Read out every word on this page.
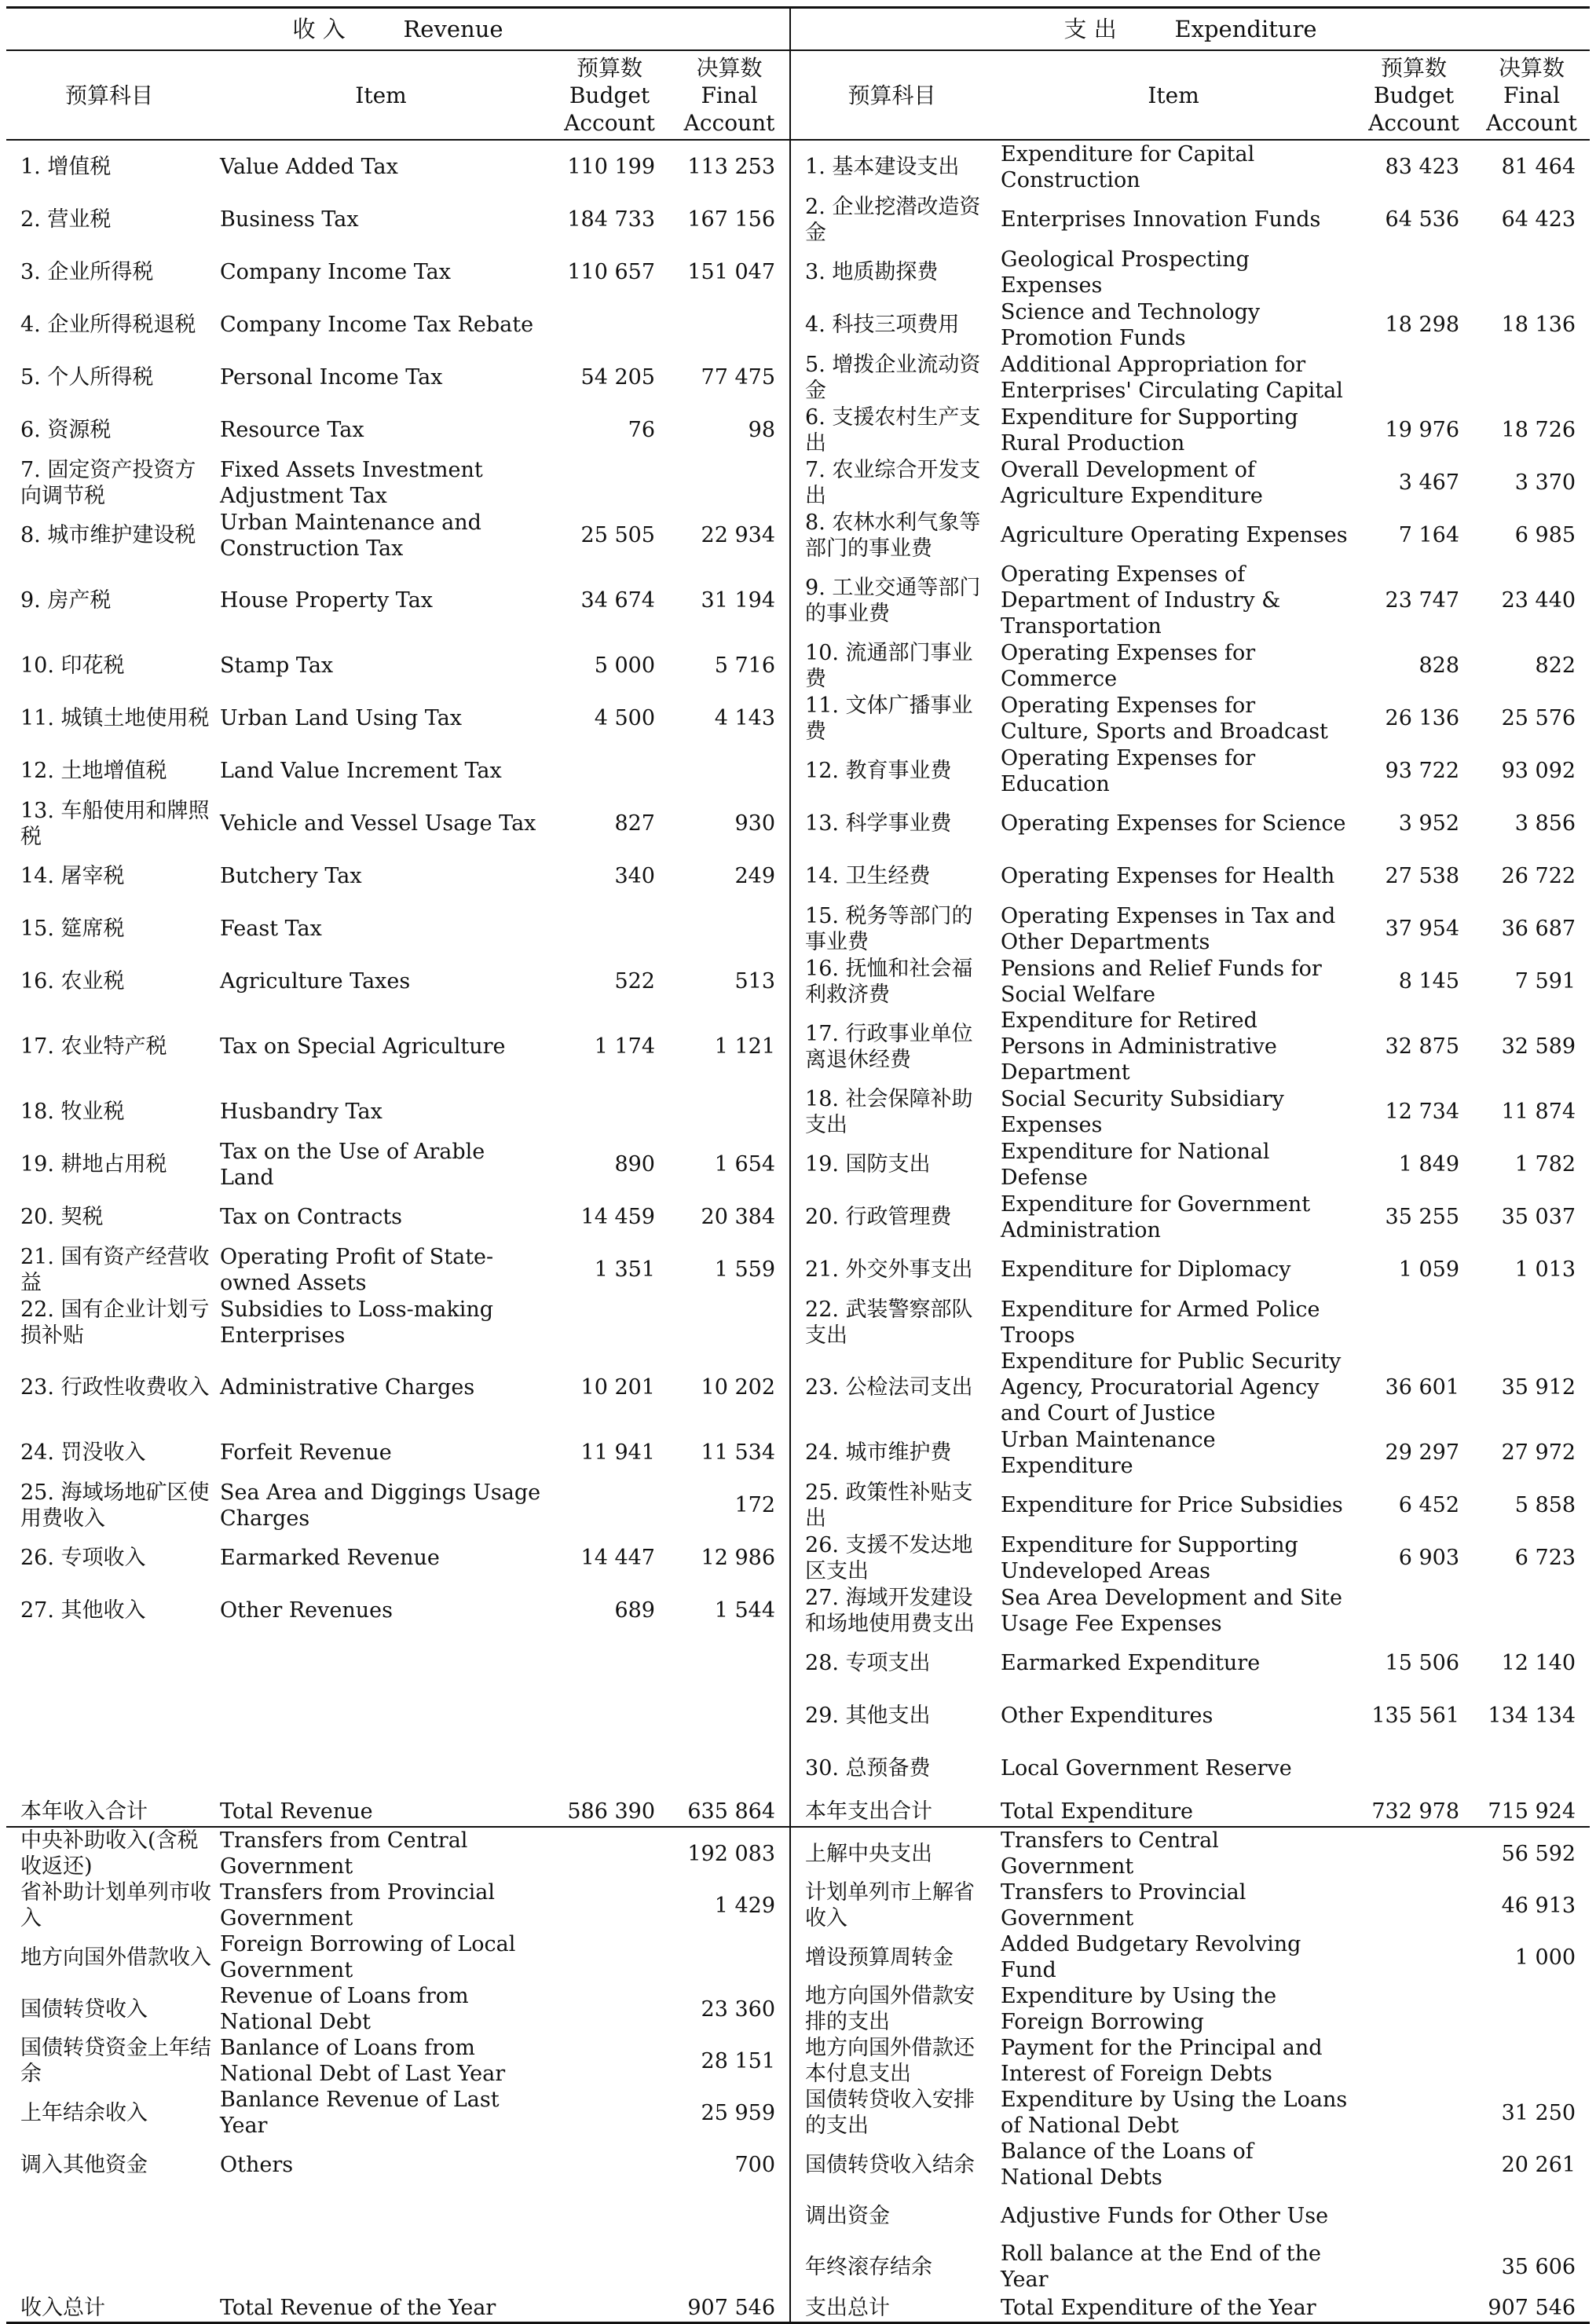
收 入 Revenue				支 出 Expenditure			
预算科目	Item	预算数 Budget Account	决算数 Final Account	预算科目	Item	预算数 Budget Account	决算数 Final Account
1. 增值税	Value Added Tax	110 199	113 253	1. 基本建设支出	Expenditure for Capital Construction	83 423	81 464
2. 营业税	Business Tax	184 733	167 156	2. 企业挖潜改造资金	Enterprises Innovation Funds	64 536	64 423
3. 企业所得税	Company Income Tax	110 657	151 047	3. 地质勘探费	Geological Prospecting Expenses		
4. 企业所得税退税	Company Income Tax Rebate			4. 科技三项费用	Science and Technology Promotion Funds	18 298	18 136
5. 个人所得税	Personal Income Tax	54 205	77 475	5. 增拨企业流动资金	Additional Appropriation for Enterprises' Circulating Capital		
6. 资源税	Resource Tax	76	98	6. 支援农村生产支出	Expenditure for Supporting Rural Production	19 976	18 726
7. 固定资产投资方向调节税	Fixed Assets Investment Adjustment Tax			7. 农业综合开发支出	Overall Development of Agriculture Expenditure	3 467	3 370
8. 城市维护建设税	Urban Maintenance and Construction Tax	25 505	22 934	8. 农林水利气象等部门的事业费	Agriculture Operating Expenses	7 164	6 985
9. 房产税	House Property Tax	34 674	31 194	9. 工业交通等部门的事业费	Operating Expenses of Department of Industry & Transportation	23 747	23 440
10. 印花税	Stamp Tax	5 000	5 716	10. 流通部门事业费	Operating Expenses for Commerce	828	822
11. 城镇土地使用税	Urban Land Using Tax	4 500	4 143	11. 文体广播事业费	Operating Expenses for Culture, Sports and Broadcast	26 136	25 576
12. 土地增值税	Land Value Increment Tax			12. 教育事业费	Operating Expenses for Education	93 722	93 092
13. 车船使用和牌照税	Vehicle and Vessel Usage Tax	827	930	13. 科学事业费	Operating Expenses for Science	3 952	3 856
14. 屠宰税	Butchery Tax	340	249	14. 卫生经费	Operating Expenses for Health	27 538	26 722
15. 筵席税	Feast Tax			15. 税务等部门的事业费	Operating Expenses in Tax and Other Departments	37 954	36 687
16. 农业税	Agriculture Taxes	522	513	16. 抚恤和社会福利救济费	Pensions and Relief Funds for Social Welfare	8 145	7 591
17. 农业特产税	Tax on Special Agriculture	1 174	1 121	17. 行政事业单位离退休经费	Expenditure for Retired Persons in Administrative Department	32 875	32 589
18. 牧业税	Husbandry Tax			18. 社会保障补助支出	Social Security Subsidiary Expenses	12 734	11 874
19. 耕地占用税	Tax on the Use of Arable Land	890	1 654	19. 国防支出	Expenditure for National Defense	1 849	1 782
20. 契税	Tax on Contracts	14 459	20 384	20. 行政管理费	Expenditure for Government Administration	35 255	35 037
21. 国有资产经营收益	Operating Profit of State-owned Assets	1 351	1 559	21. 外交外事支出	Expenditure for Diplomacy	1 059	1 013
22. 国有企业计划亏损补贴	Subsidies to Loss-making Enterprises			22. 武装警察部队支出	Expenditure for Armed Police Troops		
23. 行政性收费收入	Administrative Charges	10 201	10 202	23. 公检法司支出	Expenditure for Public Security Agency, Procuratorial Agency and Court of Justice	36 601	35 912
24. 罚没收入	Forfeit Revenue	11 941	11 534	24. 城市维护费	Urban Maintenance Expenditure	29 297	27 972
25. 海域场地矿区使用费收入	Sea Area and Diggings Usage Charges		172	25. 政策性补贴支出	Expenditure for Price Subsidies	6 452	5 858
26. 专项收入	Earmarked Revenue	14 447	12 986	26. 支援不发达地区支出	Expenditure for Supporting Undeveloped Areas	6 903	6 723
27. 其他收入	Other Revenues	689	1 544	27. 海域开发建设和场地使用费支出	Sea Area Development and Site Usage Fee Expenses		
				28. 专项支出	Earmarked Expenditure	15 506	12 140
				29. 其他支出	Other Expenditures	135 561	134 134
				30. 总预备费	Local Government Reserve		
本年收入合计	Total Revenue	586 390	635 864	本年支出合计	Total Expenditure	732 978	715 924
中央补助收入(含税收返还)	Transfers from Central Government		192 083	上解中央支出	Transfers to Central Government		56 592
省补助计划单列市收入	Transfers from Provincial Government		1 429	计划单列市上解省收入	Transfers to Provincial Government		46 913
地方向国外借款收入	Foreign Borrowing of Local Government			增设预算周转金	Added Budgetary Revolving Fund		1 000
国债转贷收入	Revenue of Loans from National Debt		23 360	地方向国外借款安排的支出	Expenditure by Using the Foreign Borrowing		
国债转贷资金上年结余	Banlance of Loans from National Debt of Last Year		28 151	地方向国外借款还本付息支出	Payment for the Principal and Interest of Foreign Debts		
上年结余收入	Banlance Revenue of Last Year		25 959	国债转贷收入安排的支出	Expenditure by Using the Loans of National Debt		31 250
调入其他资金	Others		700	国债转贷收入结余	Balance of the Loans of National Debts		20 261
				调出资金	Adjustive Funds for Other Use		
				年终滚存结余	Roll balance at the End of the Year		35 606
收入总计	Total Revenue of the Year		907 546	支出总计	Total Expenditure of the Year		907 546
